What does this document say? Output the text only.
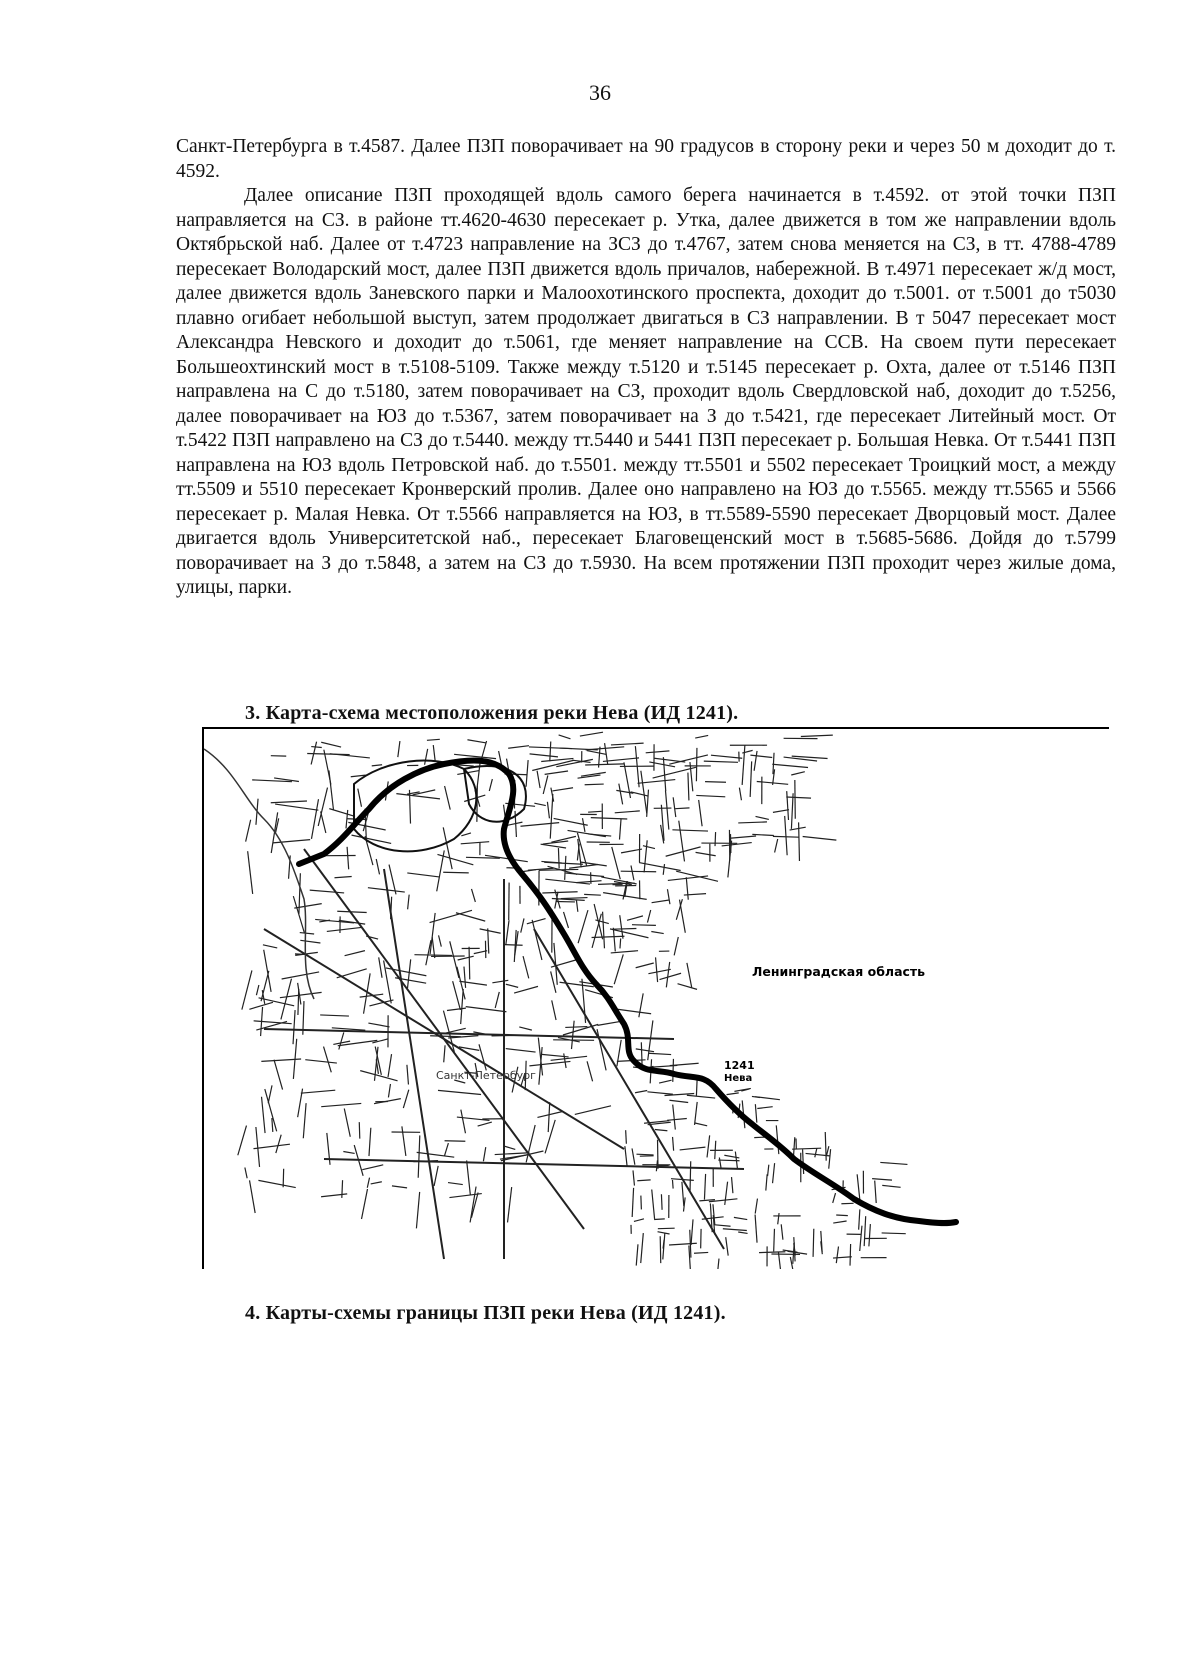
36

Санкт-Петербурга в т.4587. Далее ПЗП поворачивает на 90 градусов в сторону реки и через 50 м доходит до т. 4592.

Далее описание ПЗП проходящей вдоль самого берега начинается в т.4592. от этой точки ПЗП направляется на СЗ. в районе тт.4620-4630 пересекает р. Утка, далее движется в том же направлении вдоль Октябрьской наб. Далее от т.4723 направление на ЗСЗ до т.4767, затем снова меняется на СЗ, в тт. 4788-4789 пересекает Володарский мост, далее ПЗП движется вдоль причалов, набережной. В т.4971 пересекает ж/д мост, далее движется вдоль Заневского парки и Малоохотинского проспекта, доходит до т.5001. от т.5001 до т5030 плавно огибает небольшой выступ, затем продолжает двигаться в СЗ направлении. В т 5047 пересекает мост Александра Невского и доходит до т.5061, где меняет направление на ССВ. На своем пути пересекает Большеохтинский мост в т.5108-5109. Также между т.5120 и т.5145 пересекает р. Охта, далее от т.5146 ПЗП направлена на С до т.5180, затем поворачивает на СЗ, проходит вдоль Свердловской наб, доходит до т.5256, далее поворачивает на ЮЗ до т.5367, затем поворачивает на З до т.5421, где пересекает Литейный мост. От т.5422 ПЗП направлено на СЗ до т.5440. между тт.5440 и 5441 ПЗП пересекает р. Большая Невка. От т.5441 ПЗП направлена на ЮЗ вдоль Петровской наб. до т.5501. между тт.5501 и 5502 пересекает Троицкий мост, а между тт.5509 и 5510 пересекает Кронверский пролив. Далее оно направлено на ЮЗ до т.5565. между тт.5565 и 5566 пересекает р. Малая Невка. От т.5566 направляется на ЮЗ, в тт.5589-5590 пересекает Дворцовый мост. Далее двигается вдоль Университетской наб., пересекает Благовещенский мост в т.5685-5686. Дойдя до т.5799 поворачивает на З до т.5848, а затем на СЗ до т.5930. На всем протяжении ПЗП проходит через жилые дома, улицы, парки.

3. Карта-схема местоположения реки Нева (ИД 1241).
Ленинградская область
1241
Нева
Санкт-Петербург
4. Карты-схемы границы ПЗП реки Нева (ИД 1241).
